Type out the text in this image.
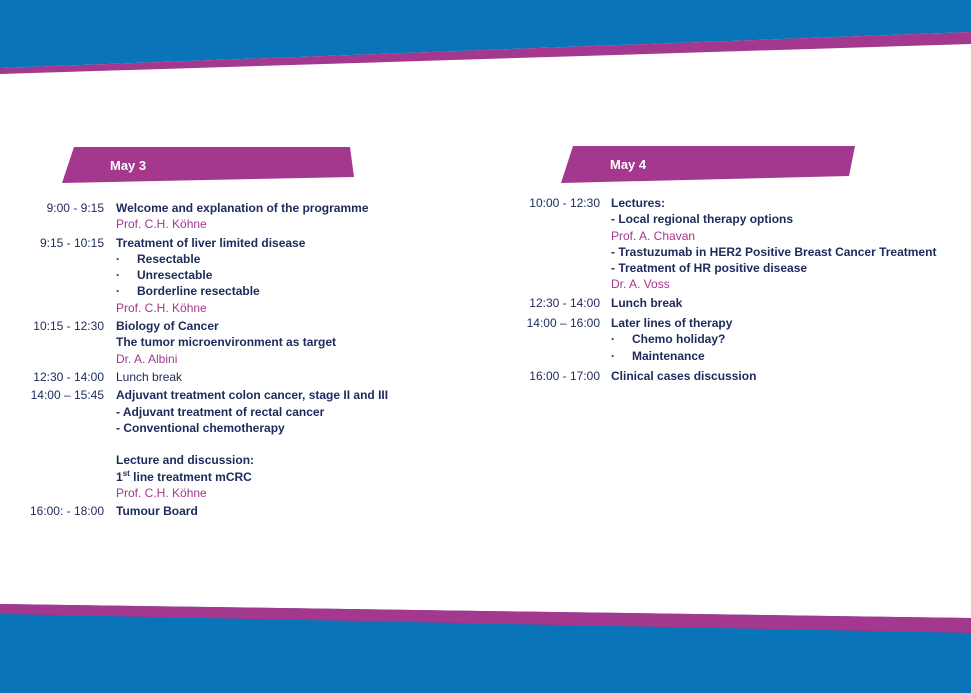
May 3	May 4
9:00 - 9:15 Welcome and explanation of the programme
Prof. C.H. Köhne
9:15 - 10:15 Treatment of liver limited disease
· Resectable
· Unresectable
· Borderline resectable
Prof. C.H. Köhne
10:15 - 12:30 Biology of Cancer
The tumor microenvironment as target
Dr. A. Albini
12:30 - 14:00 Lunch break
14:00 – 15:45 Adjuvant treatment colon cancer, stage II and III
- Adjuvant treatment of rectal cancer
- Conventional chemotherapy

Lecture and discussion:
1st line treatment mCRC
Prof. C.H. Köhne
16:00: - 18:00 Tumour Board
10:00 - 12:30 Lectures:
- Local regional therapy options
Prof. A. Chavan
- Trastuzumab in HER2 Positive Breast Cancer Treatment
- Treatment of HR positive disease
Dr. A. Voss
12:30 - 14:00 Lunch break
14:00 – 16:00 Later lines of therapy
· Chemo holiday?
· Maintenance
16:00 - 17:00 Clinical cases discussion
